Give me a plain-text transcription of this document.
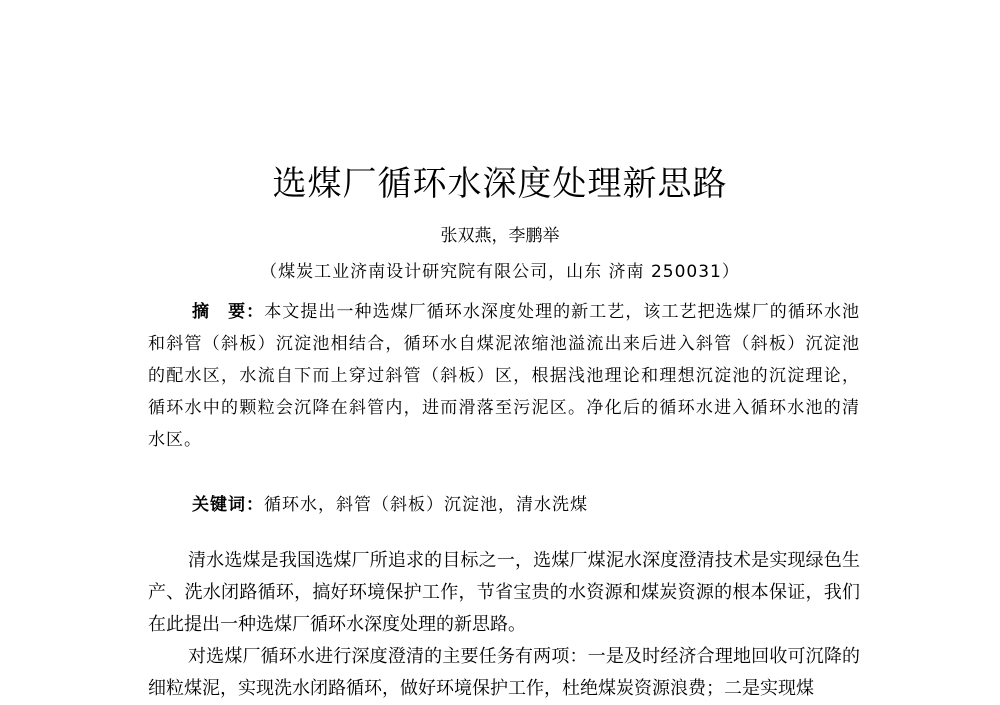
选煤厂循环水深度处理新思路
张双燕，李鹏举
（煤炭工业济南设计研究院有限公司，山东 济南 250031）
摘　要：本文提出一种选煤厂循环水深度处理的新工艺，该工艺把选煤厂的循环水池和斜管（斜板）沉淀池相结合，循环水自煤泥浓缩池溢流出来后进入斜管（斜板）沉淀池的配水区，水流自下而上穿过斜管（斜板）区，根据浅池理论和理想沉淀池的沉淀理论，循环水中的颗粒会沉降在斜管内，进而滑落至污泥区。净化后的循环水进入循环水池的清水区。
关键词：循环水，斜管（斜板）沉淀池，清水洗煤

清水选煤是我国选煤厂所追求的目标之一，选煤厂煤泥水深度澄清技术是实现绿色生产、洗水闭路循环，搞好环境保护工作，节省宝贵的水资源和煤炭资源的根本保证，我们在此提出一种选煤厂循环水深度处理的新思路。

对选煤厂循环水进行深度澄清的主要任务有两项：一是及时经济合理地回收可沉降的细粒煤泥，实现洗水闭路循环，做好环境保护工作，杜绝煤炭资源浪费；二是实现煤
